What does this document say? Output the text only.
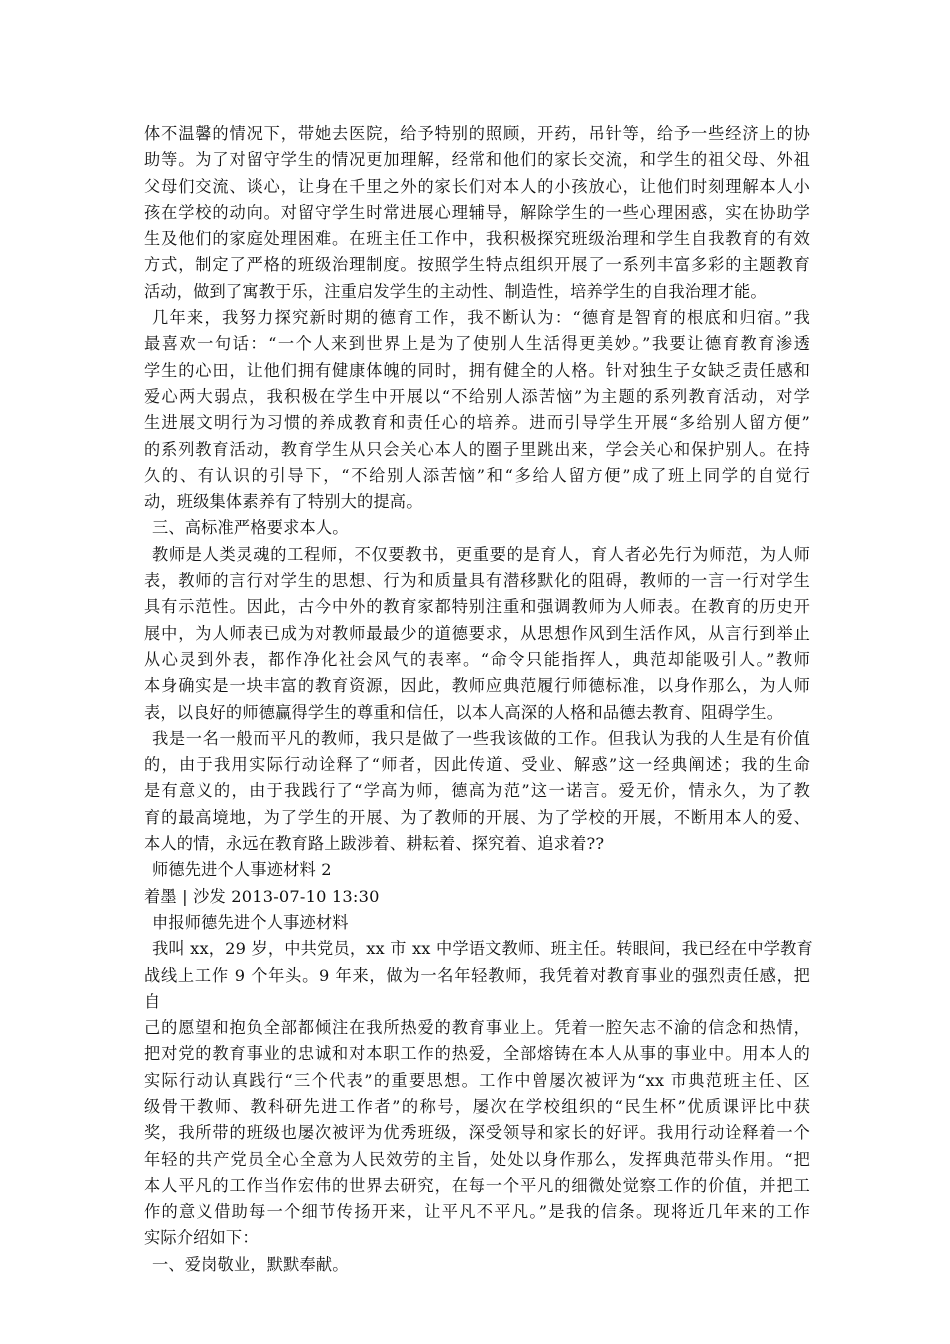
体不温馨的情况下，带她去医院，给予特别的照顾，开药，吊针等，给予一些经济上的协
助等。为了对留守学生的情况更加理解，经常和他们的家长交流，和学生的祖父母、外祖
父母们交流、谈心，让身在千里之外的家长们对本人的小孩放心，让他们时刻理解本人小
孩在学校的动向。对留守学生时常进展心理辅导，解除学生的一些心理困惑，实在协助学
生及他们的家庭处理困难。在班主任工作中，我积极探究班级治理和学生自我教育的有效
方式，制定了严格的班级治理制度。按照学生特点组织开展了一系列丰富多彩的主题教育
活动，做到了寓教于乐，注重启发学生的主动性、制造性，培养学生的自我治理才能。
几年来，我努力探究新时期的德育工作，我不断认为：“德育是智育的根底和归宿。”我
最喜欢一句话：“一个人来到世界上是为了使别人生活得更美妙。”我要让德育教育渗透
学生的心田，让他们拥有健康体魄的同时，拥有健全的人格。针对独生子女缺乏责任感和
爱心两大弱点，我积极在学生中开展以“不给别人添苦恼”为主题的系列教育活动，对学
生进展文明行为习惯的养成教育和责任心的培养。进而引导学生开展“多给别人留方便”
的系列教育活动，教育学生从只会关心本人的圈子里跳出来，学会关心和保护别人。在持
久的、有认识的引导下，“不给别人添苦恼”和“多给人留方便”成了班上同学的自觉行
动，班级集体素养有了特别大的提高。
三、高标准严格要求本人。
教师是人类灵魂的工程师，不仅要教书，更重要的是育人，育人者必先行为师范，为人师
表，教师的言行对学生的思想、行为和质量具有潜移默化的阻碍，教师的一言一行对学生
具有示范性。因此，古今中外的教育家都特别注重和强调教师为人师表。在教育的历史开
展中，为人师表已成为对教师最最少的道德要求，从思想作风到生活作风，从言行到举止
从心灵到外表，都作净化社会风气的表率。“命令只能指挥人，典范却能吸引人。”教师
本身确实是一块丰富的教育资源，因此，教师应典范履行师德标准，以身作那么，为人师
表，以良好的师德赢得学生的尊重和信任，以本人高深的人格和品德去教育、阻碍学生。
我是一名一般而平凡的教师，我只是做了一些我该做的工作。但我认为我的人生是有价值
的，由于我用实际行动诠释了“师者，因此传道、受业、解惑”这一经典阐述；我的生命
是有意义的，由于我践行了“学高为师，德高为范”这一诺言。爱无价，情永久，为了教
育的最高境地，为了学生的开展、为了教师的开展、为了学校的开展，不断用本人的爱、
本人的情，永远在教育路上跋涉着、耕耘着、探究着、追求着??
师德先进个人事迹材料 2
着墨 | 沙发 2013-07-10 13:30
申报师德先进个人事迹材料
我叫 xx，29 岁，中共党员，xx 市 xx 中学语文教师、班主任。转眼间，我已经在中学教育
战线上工作 9 个年头。9 年来，做为一名年轻教师，我凭着对教育事业的强烈责任感，把
自
己的愿望和抱负全部都倾注在我所热爱的教育事业上。凭着一腔矢志不渝的信念和热情，
把对党的教育事业的忠诚和对本职工作的热爱，全部熔铸在本人从事的事业中。用本人的
实际行动认真践行“三个代表”的重要思想。工作中曾屡次被评为“xx 市典范班主任、区
级骨干教师、教科研先进工作者”的称号，屡次在学校组织的“民生杯”优质课评比中获
奖，我所带的班级也屡次被评为优秀班级，深受领导和家长的好评。我用行动诠释着一个
年轻的共产党员全心全意为人民效劳的主旨，处处以身作那么，发挥典范带头作用。“把
本人平凡的工作当作宏伟的世界去研究，在每一个平凡的细微处觉察工作的价值，并把工
作的意义借助每一个细节传扬开来，让平凡不平凡。”是我的信条。现将近几年来的工作
实际介绍如下：
一、爱岗敬业，默默奉献。
